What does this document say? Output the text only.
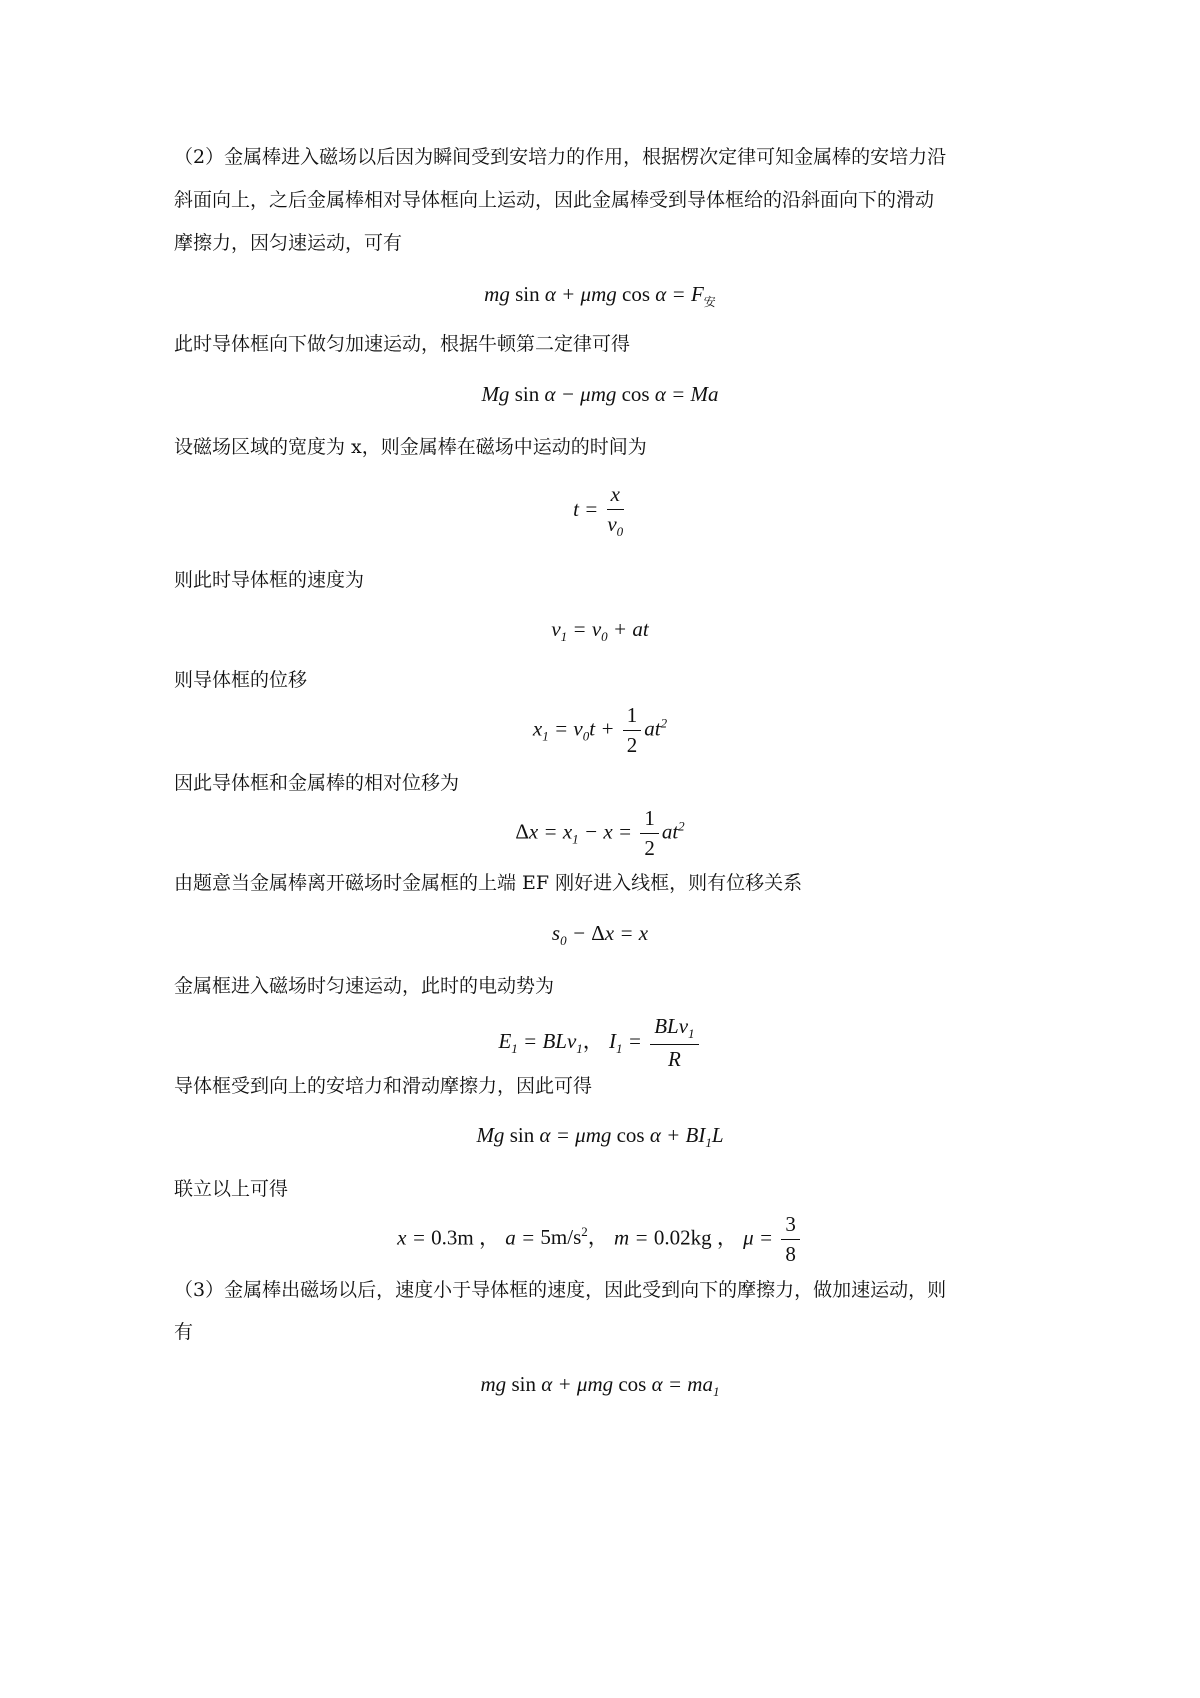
（2）金属棒进入磁场以后因为瞬间受到安培力的作用，根据楞次定律可知金属棒的安培力沿
斜面向上，之后金属棒相对导体框向上运动，因此金属棒受到导体框给的沿斜面向下的滑动
摩擦力，因匀速运动，可有
mg sin α + μmg $\cos \alpha = F_安$
此时导体框向下做匀加速运动，根据牛顿第二定律可得
Mg sin α − μmg cos α = Ma
设磁场区域的宽度为 x，则金属棒在磁场中运动的时间为
$t = \frac{x}{v_0}$
则此时导体框的速度为
$v_1 = v_0$ + at
则导体框的位移
$x_1 = v_0t + \frac{1}{2} at^2$
因此导体框和金属棒的相对位移为
$\Delta x = x_1 - x = \frac{1}{2} at^2$
由题意当金属棒离开磁场时金属框的上端 EF 刚好进入线框，则有位移关系
$s_0 - \Delta x = x$
金属框进入磁场时匀速运动，此时的电动势为
$E_1 = BLv_1$， $I_1 = \frac{BLv_1}{R}$
导体框受到向上的安培力和滑动摩擦力，因此可得
Mg sin α = μmg $\cos \alpha + BI_1L$
联立以上可得
x = 0.3m ， $a = 5m/s^2$， m = 0.02kg ， $\mu = \frac{3}{8}$
（3）金属棒出磁场以后，速度小于导体框的速度，因此受到向下的摩擦力，做加速运动，则
有
mg sin α + μmg $\cos \alpha = ma_1$
